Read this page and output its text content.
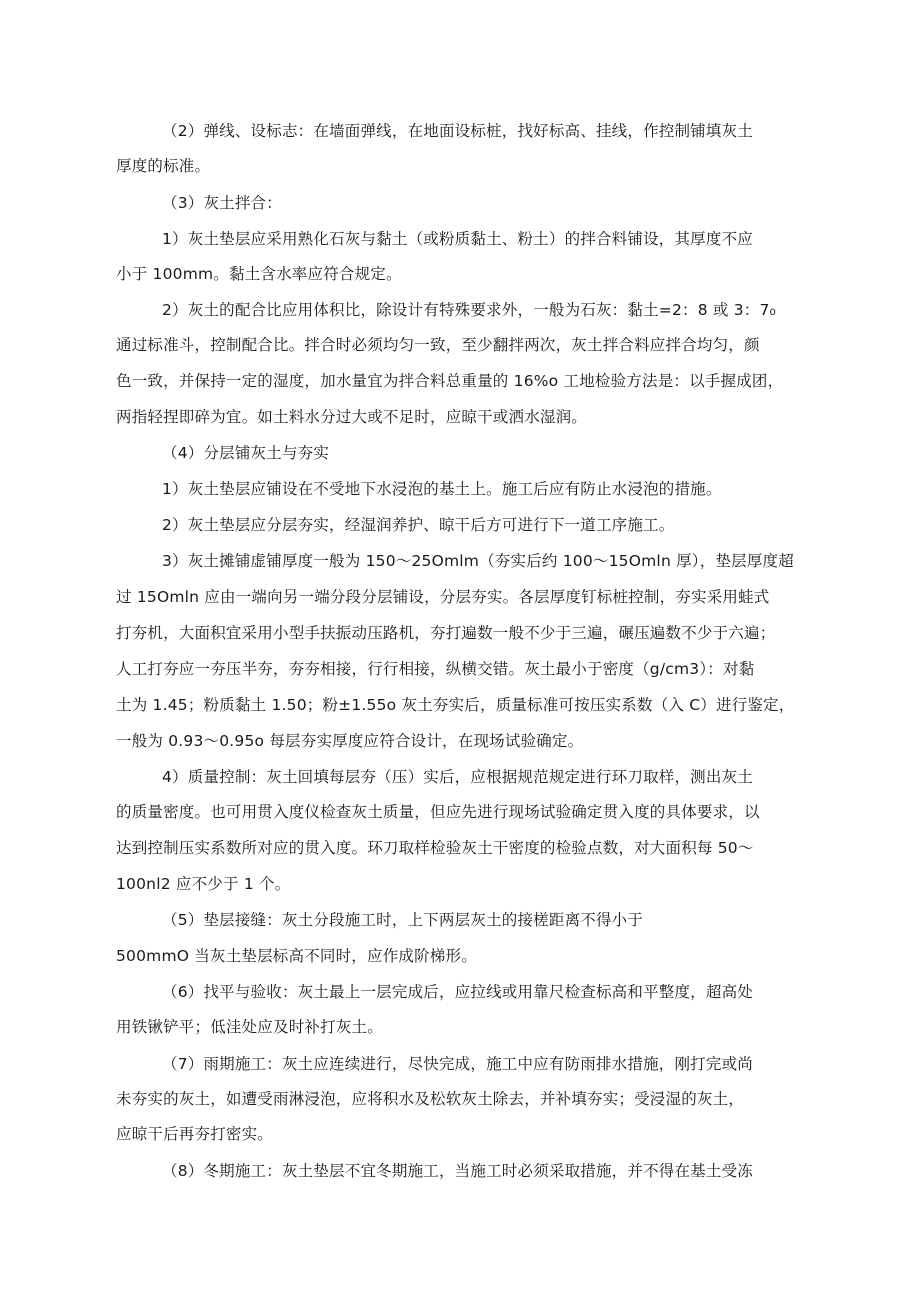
（2）弹线、设标志：在墙面弹线，在地面设标桩，找好标高、挂线，作控制铺填灰土
厚度的标准。
（3）灰土拌合：
1）灰土垫层应采用熟化石灰与黏土（或粉质黏土、粉土）的拌合料铺设，其厚度不应
小于 100mm。黏土含水率应符合规定。
2）灰土的配合比应用体积比，除设计有特殊要求外，一般为石灰：黏土=2：8 或 3：7₀
通过标准斗，控制配合比。拌合时必须均匀一致，至少翻拌两次，灰土拌合料应拌合均匀，颜
色一致，并保持一定的湿度，加水量宜为拌合料总重量的 16%o 工地检验方法是：以手握成团，
两指轻捏即碎为宜。如土料水分过大或不足时，应晾干或洒水湿润。
（4）分层铺灰土与夯实
1）灰土垫层应铺设在不受地下水浸泡的基土上。施工后应有防止水浸泡的措施。
2）灰土垫层应分层夯实，经湿润养护、晾干后方可进行下一道工序施工。
3）灰土摊铺虚铺厚度一般为 150～25Omlm（夯实后约 100～15Omln 厚），垫层厚度超
过 15Omln 应由一端向另一端分段分层铺设，分层夯实。各层厚度钉标桩控制，夯实采用蛙式
打夯机，大面积宜采用小型手扶振动压路机，夯打遍数一般不少于三遍，碾压遍数不少于六遍；
人工打夯应一夯压半夯，夯夯相接，行行相接，纵横交错。灰土最小于密度（g/cm3）：对黏
土为 1.45；粉质黏土 1.50；粉±1.55o 灰土夯实后，质量标准可按压实系数（入 C）进行鉴定，
一般为 0.93～0.95o 每层夯实厚度应符合设计，在现场试验确定。
4）质量控制：灰土回填每层夯（压）实后，应根据规范规定进行环刀取样，测出灰土
的质量密度。也可用贯入度仪检查灰土质量，但应先进行现场试验确定贯入度的具体要求，以
达到控制压实系数所对应的贯入度。环刀取样检验灰土干密度的检验点数，对大面积每 50～
100nl2 应不少于 1 个。
（5）垫层接缝：灰土分段施工时，上下两层灰土的接槎距离不得小于
500mmO 当灰土垫层标高不同时，应作成阶梯形。
（6）找平与验收：灰土最上一层完成后，应拉线或用靠尺检查标高和平整度，超高处
用铁锹铲平；低洼处应及时补打灰土。
（7）雨期施工：灰土应连续进行，尽快完成，施工中应有防雨排水措施，刚打完或尚
未夯实的灰土，如遭受雨淋浸泡，应将积水及松软灰土除去，并补填夯实；受浸湿的灰土，
应晾干后再夯打密实。
（8）冬期施工：灰土垫层不宜冬期施工，当施工时必须采取措施，并不得在基土受冻
